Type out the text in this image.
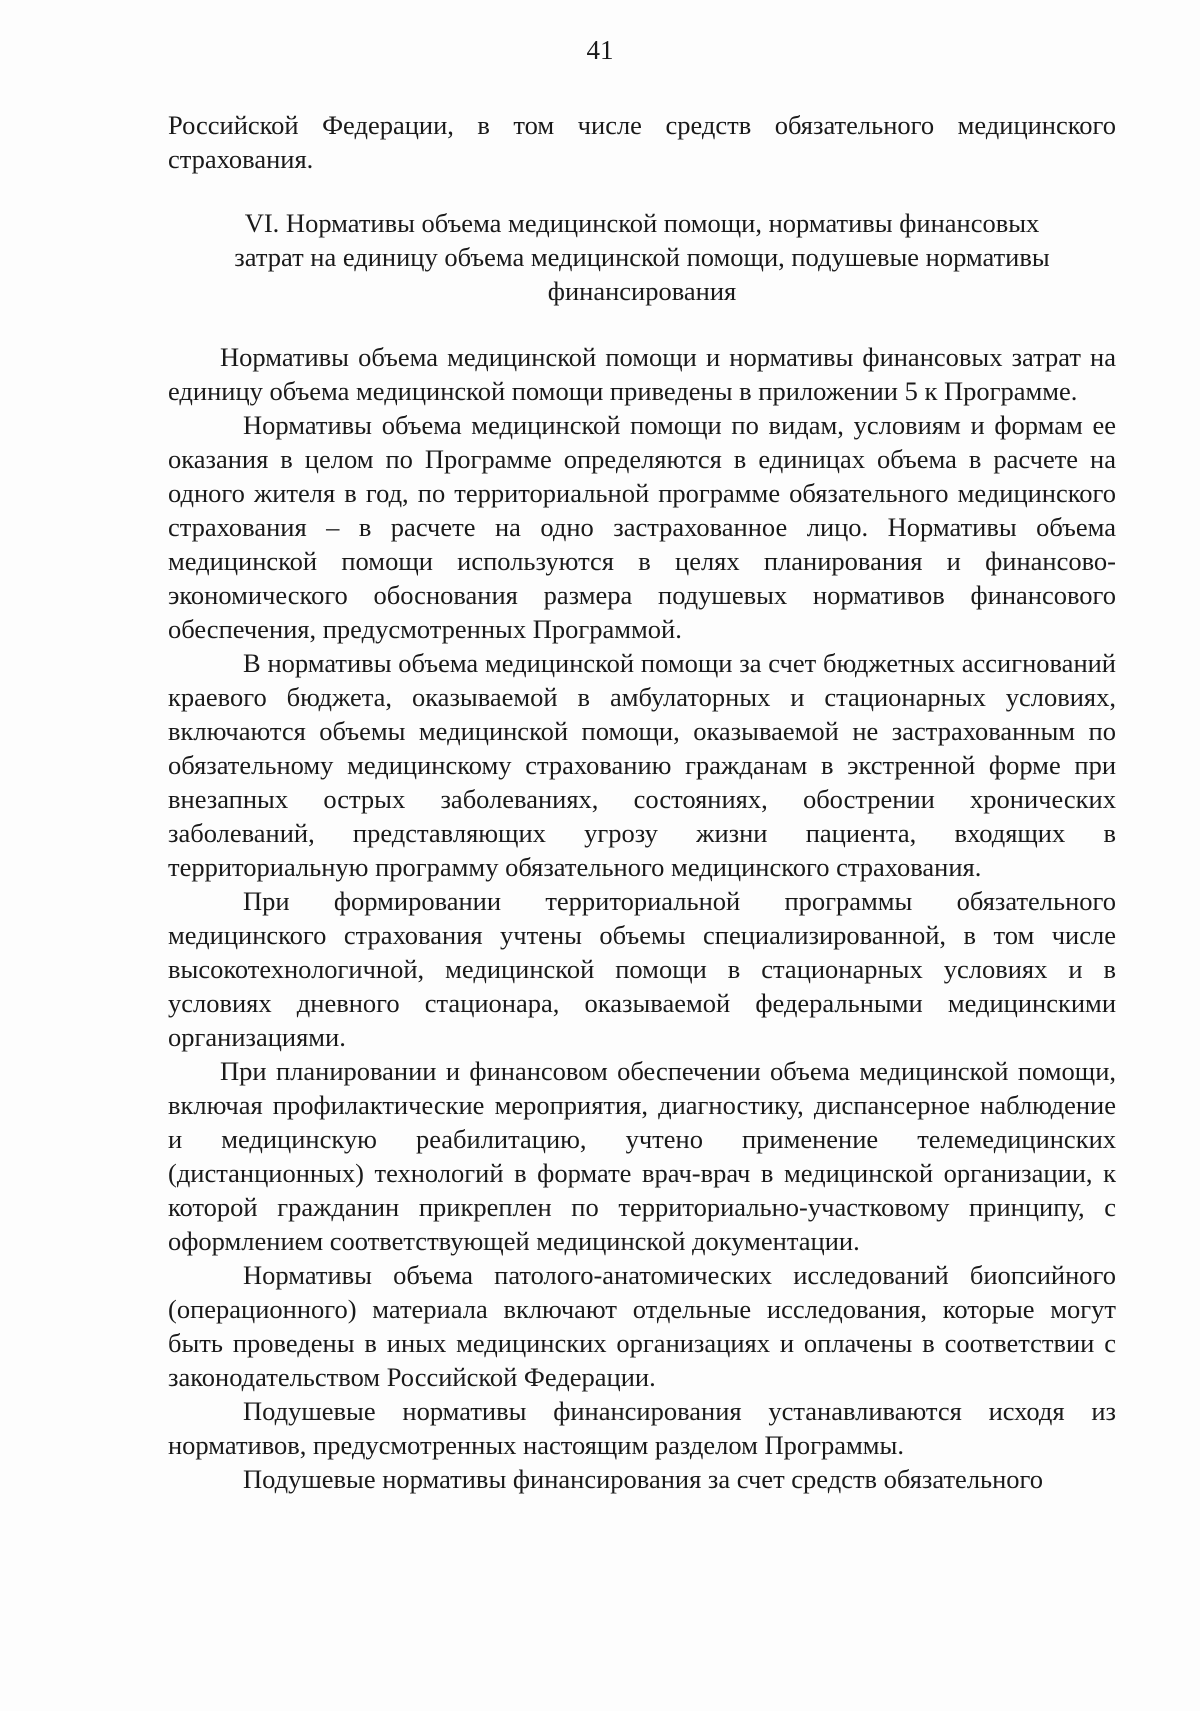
41

Российской Федерации, в том числе средств обязательного медицинского страхования.

VI. Нормативы объема медицинской помощи, нормативы финансовых
затрат на единицу объема медицинской помощи, подушевые нормативы
финансирования

Нормативы объема медицинской помощи и нормативы финансовых затрат на единицу объема медицинской помощи приведены в приложении 5 к Программе.

Нормативы объема медицинской помощи по видам, условиям и формам ее оказания в целом по Программе определяются в единицах объема в расчете на одного жителя в год, по территориальной программе обязательного медицинского страхования – в расчете на одно застрахованное лицо. Нормативы объема медицинской помощи используются в целях планирования и финансово-экономического обоснования размера подушевых нормативов финансового обеспечения, предусмотренных Программой.

В нормативы объема медицинской помощи за счет бюджетных ассигнований краевого бюджета, оказываемой в амбулаторных и стационарных условиях, включаются объемы медицинской помощи, оказываемой не застрахованным по обязательному медицинскому страхованию гражданам в экстренной форме при внезапных острых заболеваниях, состояниях, обострении хронических заболеваний, представляющих угрозу жизни пациента, входящих в территориальную программу обязательного медицинского страхования.

При формировании территориальной программы обязательного медицинского страхования учтены объемы специализированной, в том числе высокотехнологичной, медицинской помощи в стационарных условиях и в условиях дневного стационара, оказываемой федеральными медицинскими организациями.

При планировании и финансовом обеспечении объема медицинской помощи, включая профилактические мероприятия, диагностику, диспансерное наблюдение и медицинскую реабилитацию, учтено применение телемедицинских (дистанционных) технологий в формате врач-врач в медицинской организации, к которой гражданин прикреплен по территориально-участковому принципу, с оформлением соответствующей медицинской документации.

Нормативы объема патолого-анатомических исследований биопсийного (операционного) материала включают отдельные исследования, которые могут быть проведены в иных медицинских организациях и оплачены в соответствии с законодательством Российской Федерации.

Подушевые нормативы финансирования устанавливаются исходя из нормативов, предусмотренных настоящим разделом Программы.

Подушевые нормативы финансирования за счет средств обязательного
